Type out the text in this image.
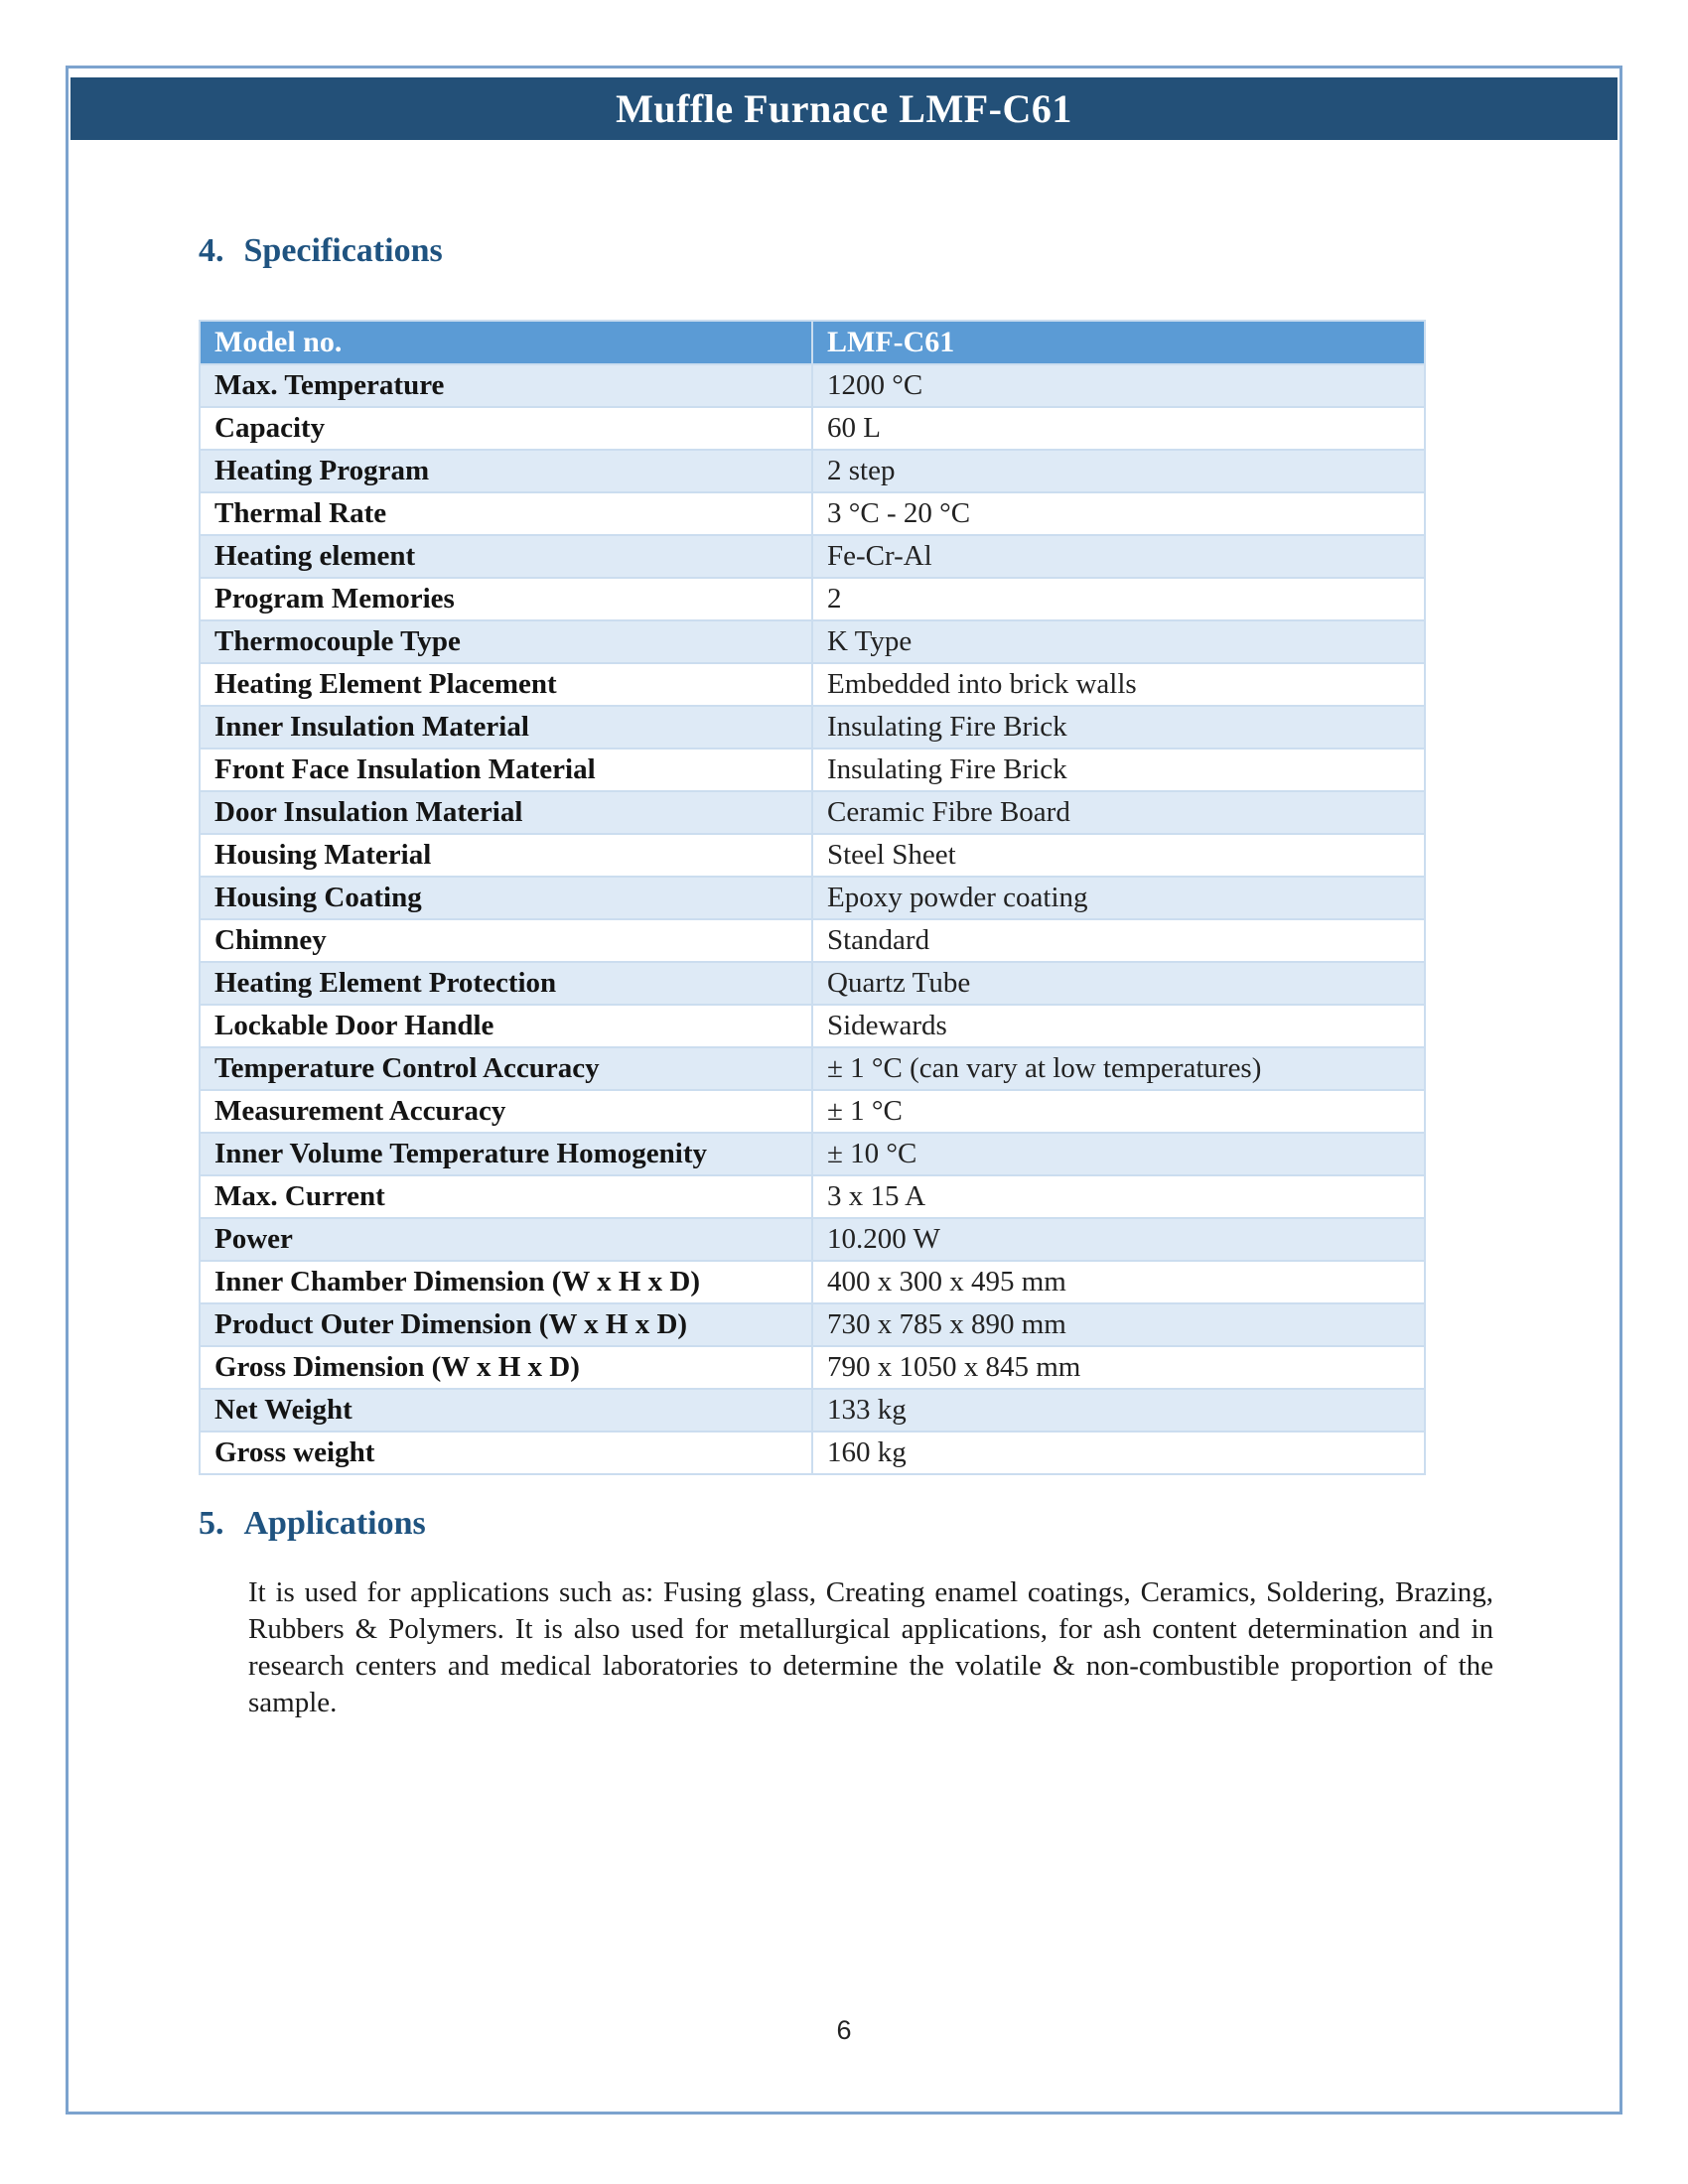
Muffle Furnace LMF-C61
4. Specifications
Model no.	LMF-C61
Max. Temperature	1200 °C
Capacity	60 L
Heating Program	2 step
Thermal Rate	3 °C - 20 °C
Heating element	Fe-Cr-Al
Program Memories	2
Thermocouple Type	K Type
Heating Element Placement	Embedded into brick walls
Inner Insulation Material	Insulating Fire Brick
Front Face Insulation Material	Insulating Fire Brick
Door Insulation Material	Ceramic Fibre Board
Housing Material	Steel Sheet
Housing Coating	Epoxy powder coating
Chimney	Standard
Heating Element Protection	Quartz Tube
Lockable Door Handle	Sidewards
Temperature Control Accuracy	± 1 °C (can vary at low temperatures)
Measurement Accuracy	± 1 °C
Inner Volume Temperature Homogenity	± 10 °C
Max. Current	3 x 15 A
Power	10.200 W
Inner Chamber Dimension (W x H x D)	400 x 300 x 495 mm
Product Outer Dimension (W x H x D)	730 x 785 x 890 mm
Gross Dimension (W x H x D)	790 x 1050 x 845 mm
Net Weight	133 kg
Gross weight	160 kg
5. Applications
It is used for applications such as: Fusing glass, Creating enamel coatings, Ceramics, Soldering, Brazing, Rubbers & Polymers. It is also used for metallurgical applications, for ash content determination and in research centers and medical laboratories to determine the volatile & non-combustible proportion of the sample.
6
